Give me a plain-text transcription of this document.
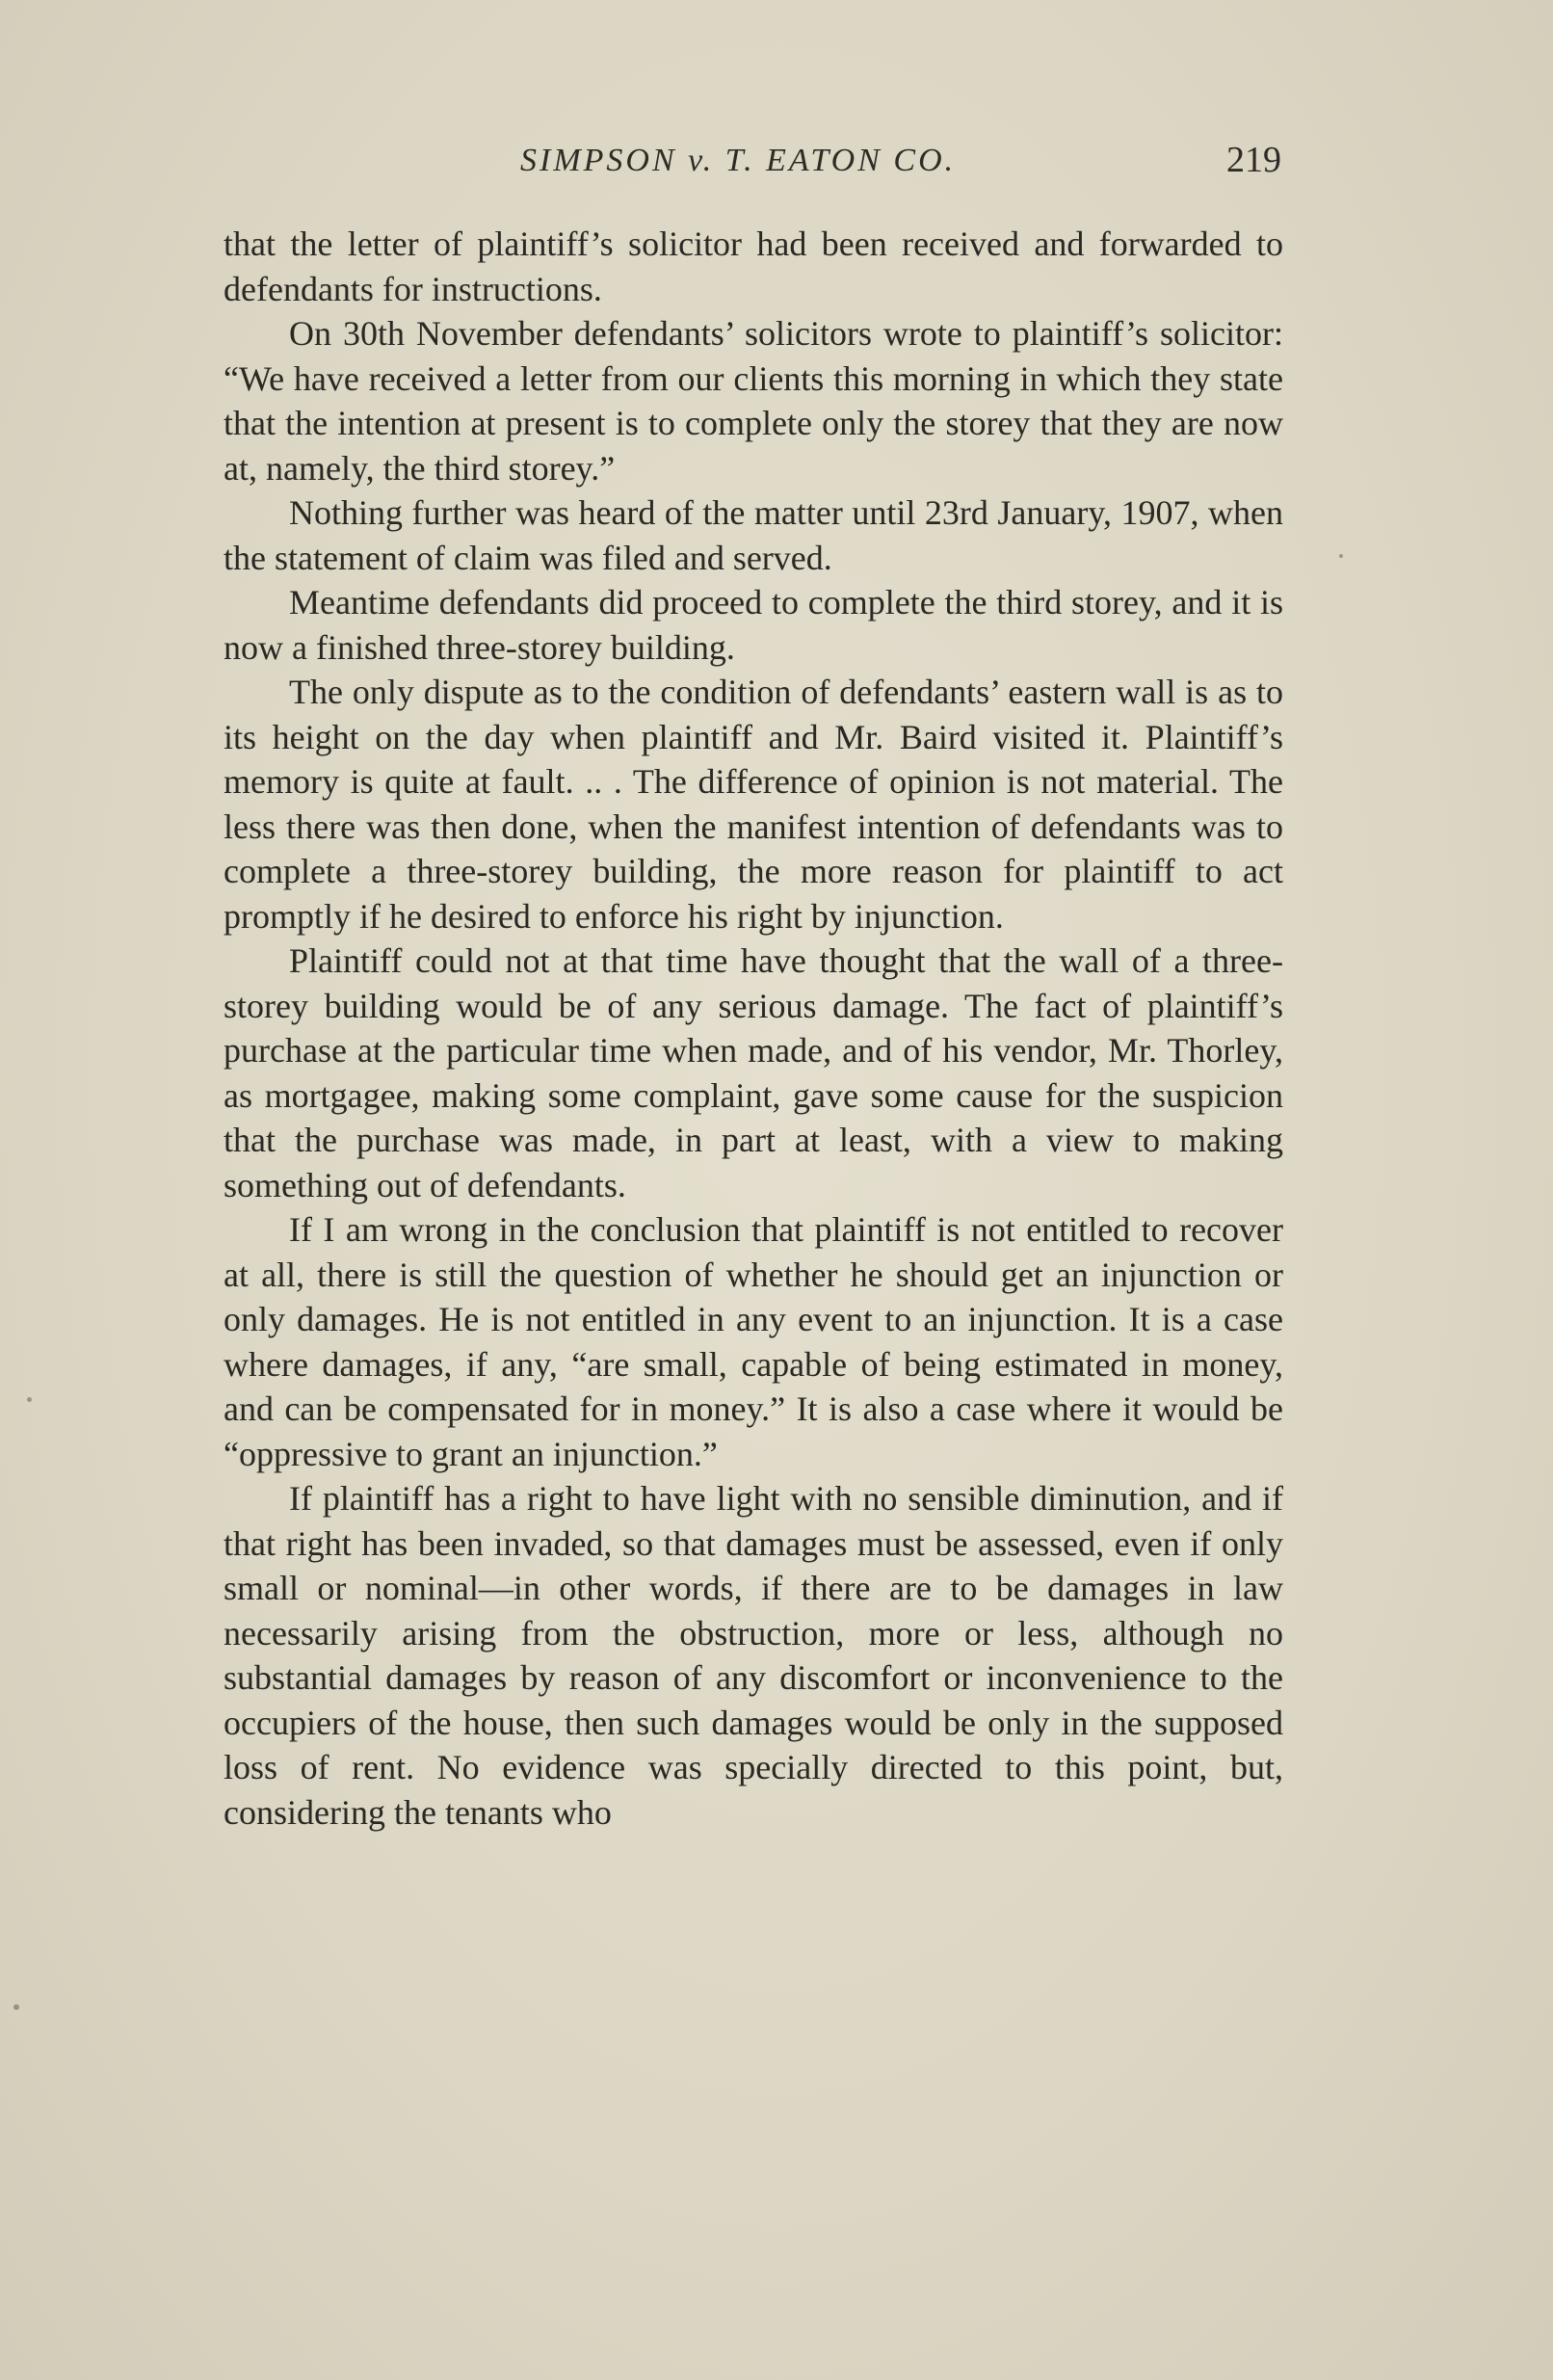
SIMPSON v. T. EATON CO.	219

that the letter of plaintiff’s solicitor had been received and forwarded to defendants for instructions.

On 30th November defendants’ solicitors wrote to plaintiff’s solicitor: “We have received a letter from our clients this morning in which they state that the intention at present is to complete only the storey that they are now at, namely, the third storey.”

Nothing further was heard of the matter until 23rd January, 1907, when the statement of claim was filed and served.

Meantime defendants did proceed to complete the third storey, and it is now a finished three-storey building.

The only dispute as to the condition of defendants’ eastern wall is as to its height on the day when plaintiff and Mr. Baird visited it. Plaintiff’s memory is quite at fault. .. . The difference of opinion is not material. The less there was then done, when the manifest intention of defendants was to complete a three-storey building, the more reason for plaintiff to act promptly if he desired to enforce his right by injunction.

Plaintiff could not at that time have thought that the wall of a three-storey building would be of any serious damage. The fact of plaintiff’s purchase at the particular time when made, and of his vendor, Mr. Thorley, as mortgagee, making some complaint, gave some cause for the suspicion that the purchase was made, in part at least, with a view to making something out of defendants.

If I am wrong in the conclusion that plaintiff is not entitled to recover at all, there is still the question of whether he should get an injunction or only damages. He is not entitled in any event to an injunction. It is a case where damages, if any, “are small, capable of being estimated in money, and can be compensated for in money.” It is also a case where it would be “oppressive to grant an injunction.”

If plaintiff has a right to have light with no sensible diminution, and if that right has been invaded, so that damages must be assessed, even if only small or nominal—in other words, if there are to be damages in law necessarily arising from the obstruction, more or less, although no substantial damages by reason of any discomfort or inconvenience to the occupiers of the house, then such damages would be only in the supposed loss of rent. No evidence was specially directed to this point, but, considering the tenants who
